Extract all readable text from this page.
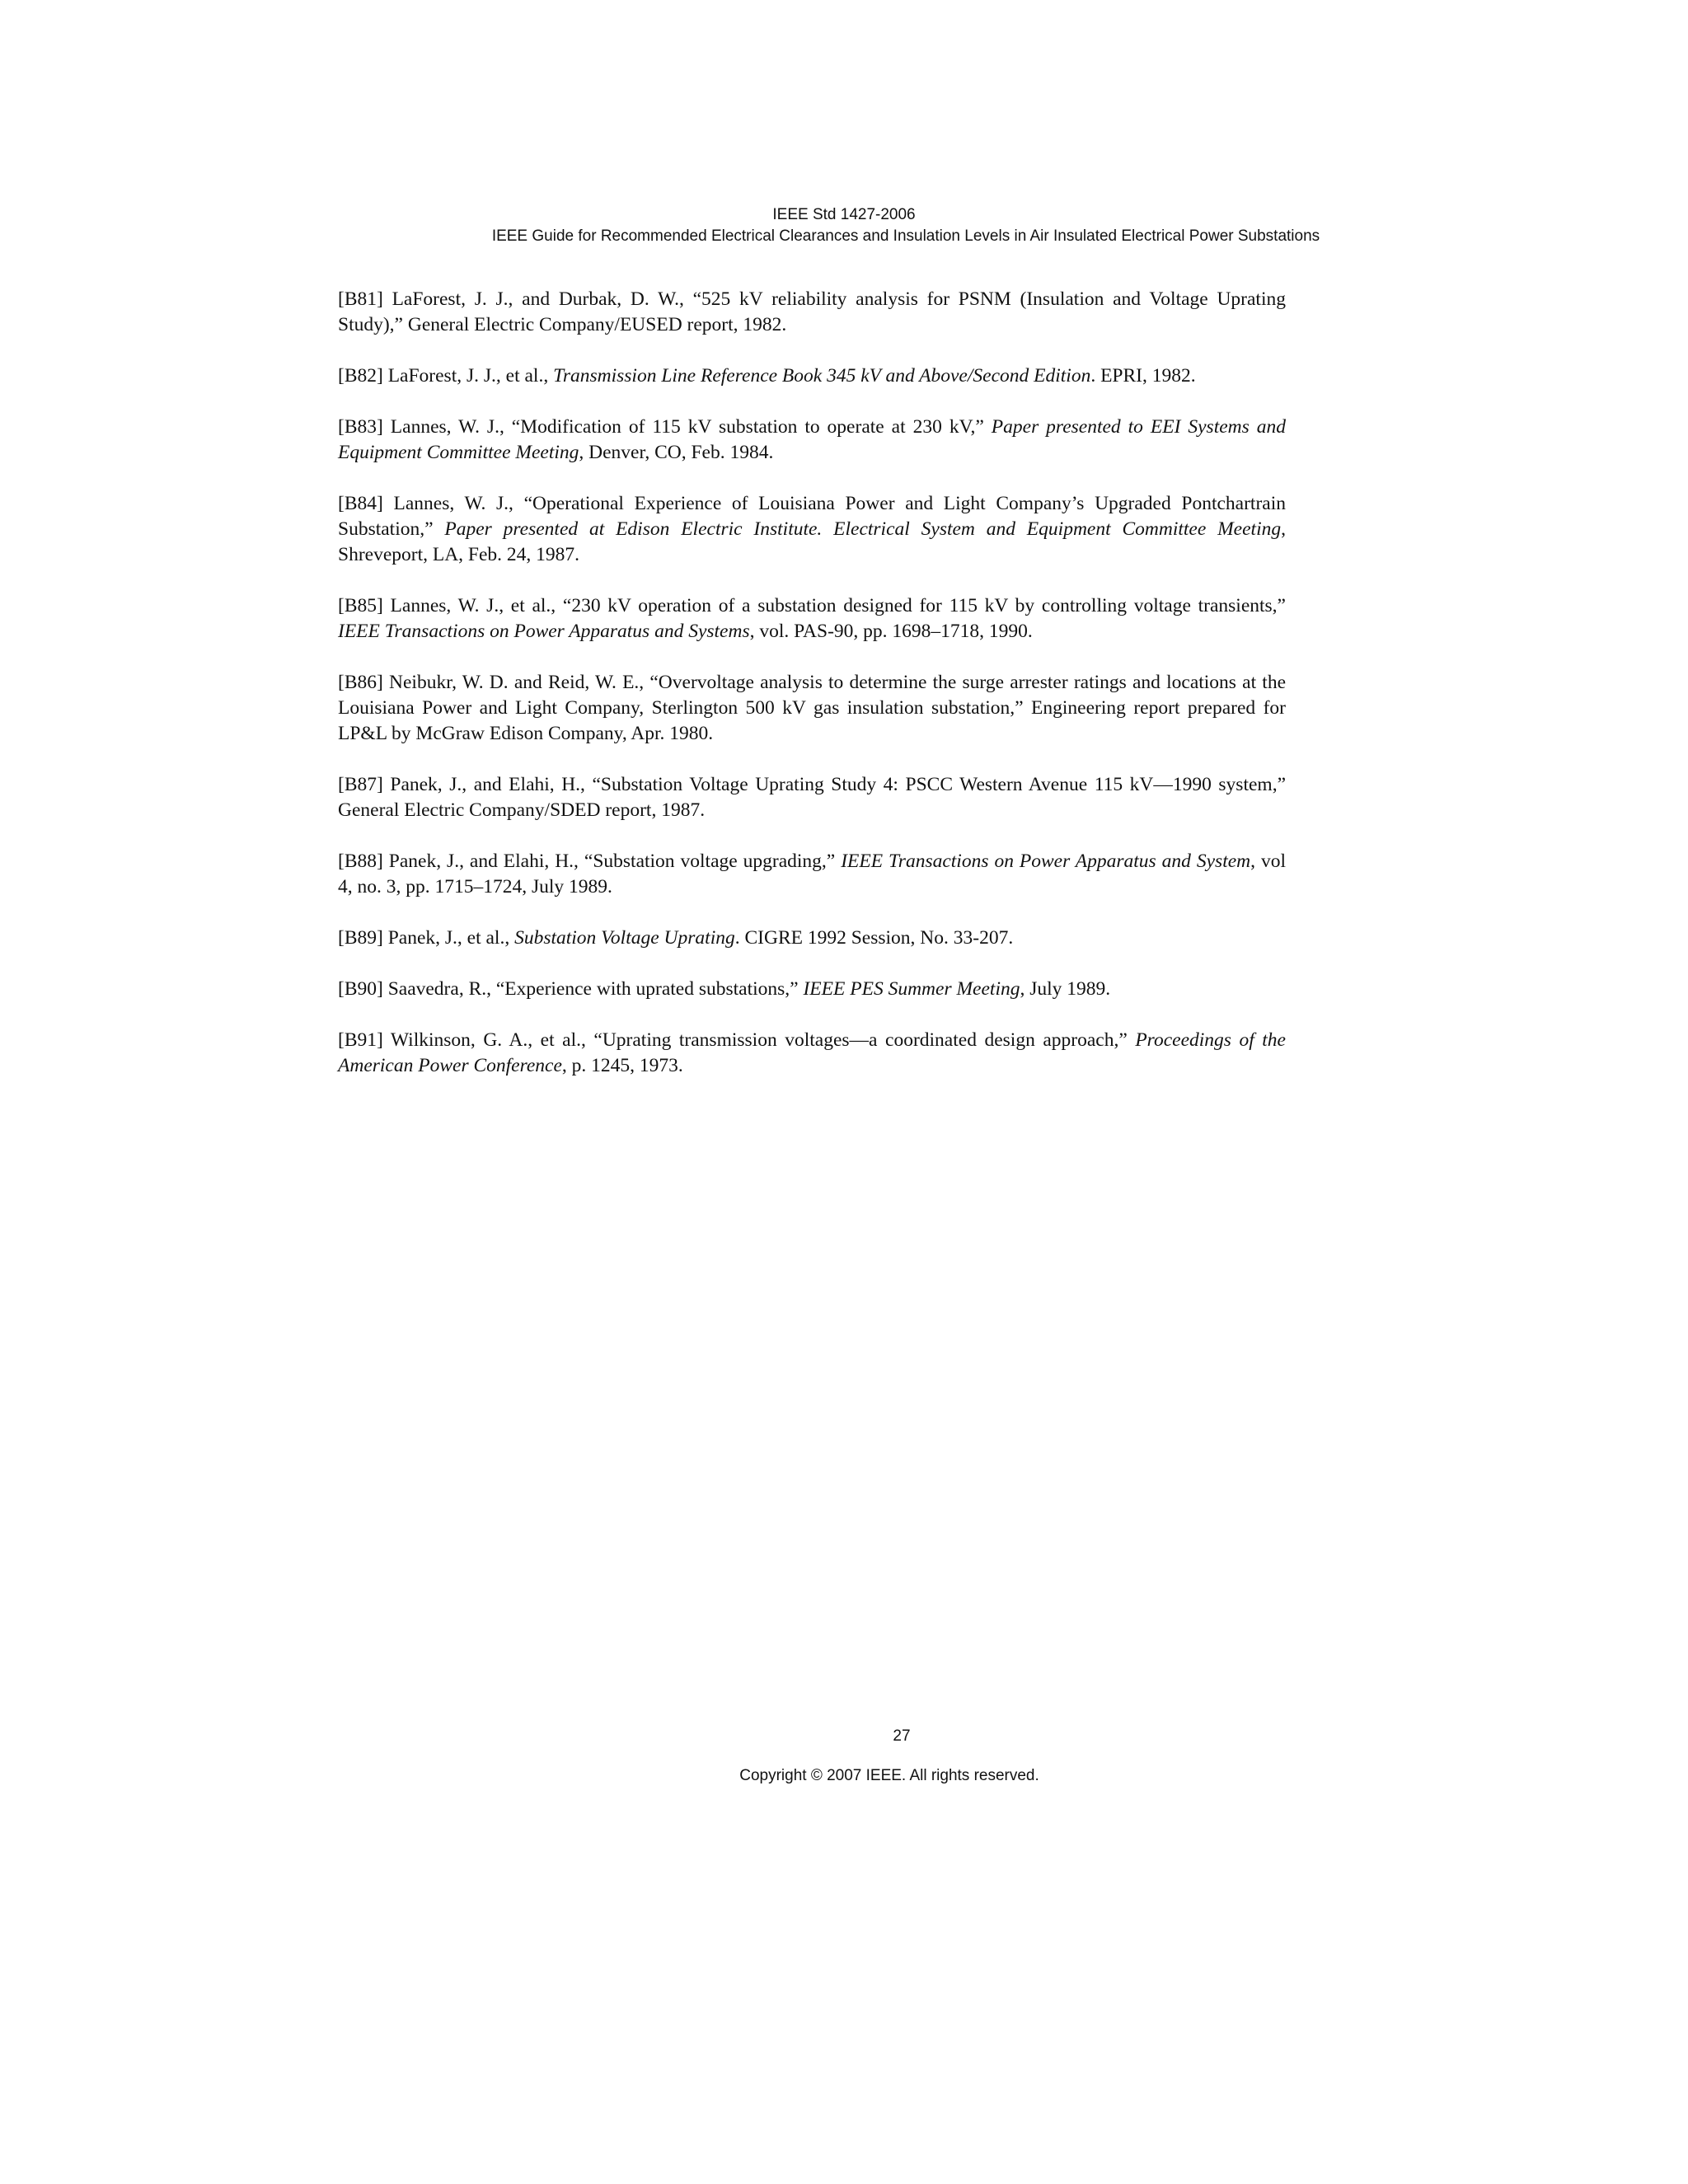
IEEE Std 1427-2006
IEEE Guide for Recommended Electrical Clearances and Insulation Levels in Air Insulated Electrical Power Substations

[B81] LaForest, J. J., and Durbak, D. W., “525 kV reliability analysis for PSNM (Insulation and Voltage Uprating Study),” General Electric Company/EUSED report, 1982.

[B82] LaForest, J. J., et al., Transmission Line Reference Book 345 kV and Above/Second Edition. EPRI, 1982.

[B83] Lannes, W. J., “Modification of 115 kV substation to operate at 230 kV,” Paper presented to EEI Systems and Equipment Committee Meeting, Denver, CO, Feb. 1984.

[B84] Lannes, W. J., “Operational Experience of Louisiana Power and Light Company’s Upgraded Pontchartrain Substation,” Paper presented at Edison Electric Institute. Electrical System and Equipment Committee Meeting, Shreveport, LA, Feb. 24, 1987.

[B85] Lannes, W. J., et al., “230 kV operation of a substation designed for 115 kV by controlling voltage transients,” IEEE Transactions on Power Apparatus and Systems, vol. PAS-90, pp. 1698–1718, 1990.

[B86] Neibukr, W. D. and Reid, W. E., “Overvoltage analysis to determine the surge arrester ratings and locations at the Louisiana Power and Light Company, Sterlington 500 kV gas insulation substation,” Engineering report prepared for LP&L by McGraw Edison Company, Apr. 1980.

[B87] Panek, J., and Elahi, H., “Substation Voltage Uprating Study 4: PSCC Western Avenue 115 kV—1990 system,” General Electric Company/SDED report, 1987.

[B88] Panek, J., and Elahi, H., “Substation voltage upgrading,” IEEE Transactions on Power Apparatus and System, vol 4, no. 3, pp. 1715–1724, July 1989.

[B89] Panek, J., et al., Substation Voltage Uprating. CIGRE 1992 Session, No. 33-207.

[B90] Saavedra, R., “Experience with uprated substations,” IEEE PES Summer Meeting, July 1989.

[B91] Wilkinson, G. A., et al., “Uprating transmission voltages—a coordinated design approach,” Proceedings of the American Power Conference, p. 1245, 1973.

27
Copyright © 2007 IEEE. All rights reserved.
